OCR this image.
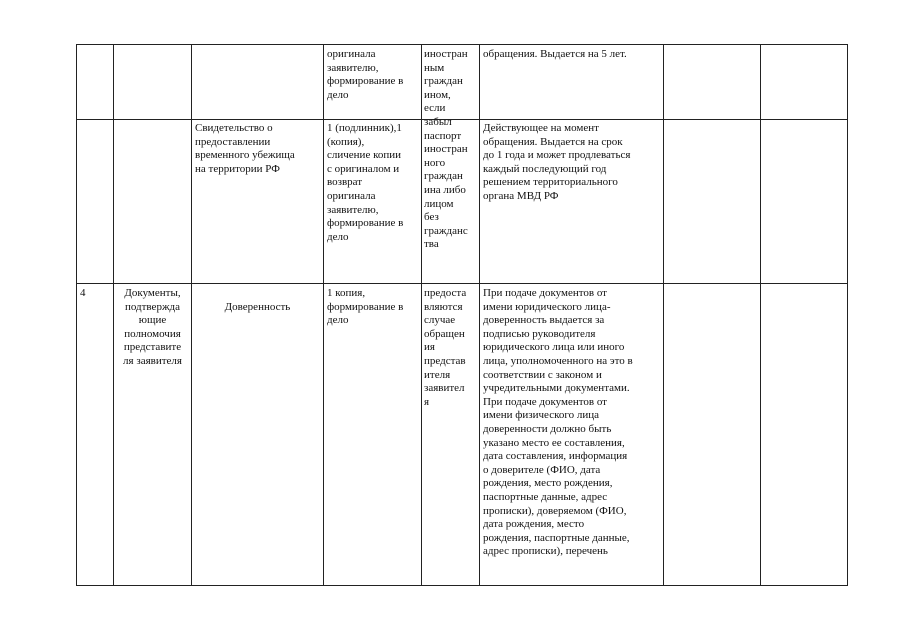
оригинала
заявителю,
формирование в
дело
иностран
ным
граждан
ином,
если
забыл
паспорт
иностран
ного
граждан
ина либо
лицом
без
гражданс
тва
обращения. Выдается на 5 лет.
Свидетельство о
предоставлении
временного убежища
на территории РФ
1 (подлинник),1
(копия),
сличение копии
с оригиналом и
возврат
оригинала
заявителю,
формирование в
дело
Действующее на момент
обращения. Выдается на срок
до 1 года и может продлеваться
каждый последующий год
решением территориального
органа МВД РФ
4	Документы,
подтвержда
ющие
полномочия
представите
ля заявителя
Доверенность
1 копия,
формирование в
дело
предоста
вляются
случае
обращен
ия
представ
ителя
заявител
я
При подаче документов от
имени юридического лица-
доверенность выдается за
подписью руководителя
юридического лица или иного
лица, уполномоченного на это в
соответствии с законом и
учредительными документами.
При подаче документов от
имени физического лица
доверенности должно быть
указано место ее составления,
дата составления, информация
о доверителе (ФИО, дата
рождения, место рождения,
паспортные данные, адрес
прописки), доверяемом (ФИО,
дата рождения, место
рождения, паспортные данные,
адрес прописки), перечень
